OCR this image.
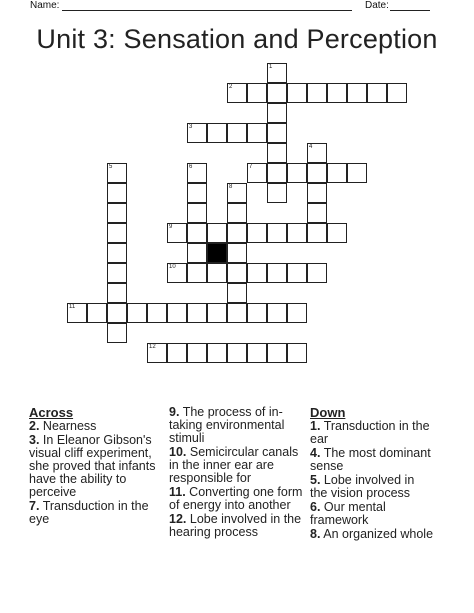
Name:	Date:
Unit 3: Sensation and Perception
1
2
3
4
5	6	7
8
9
10
11
12
Across
2. Nearness
3. In Eleanor Gibson's visual cliff experiment, she proved that infants have the ability to perceive
7. Transduction in the eye
9. The process of in-taking environmental stimuli
10. Semicircular canals in the inner ear are responsible for
11. Converting one form of energy into another
12. Lobe involved in the hearing process
Down
1. Transduction in the ear
4. The most dominant sense
5. Lobe involved in the vision process
6. Our mental framework
8. An organized whole
